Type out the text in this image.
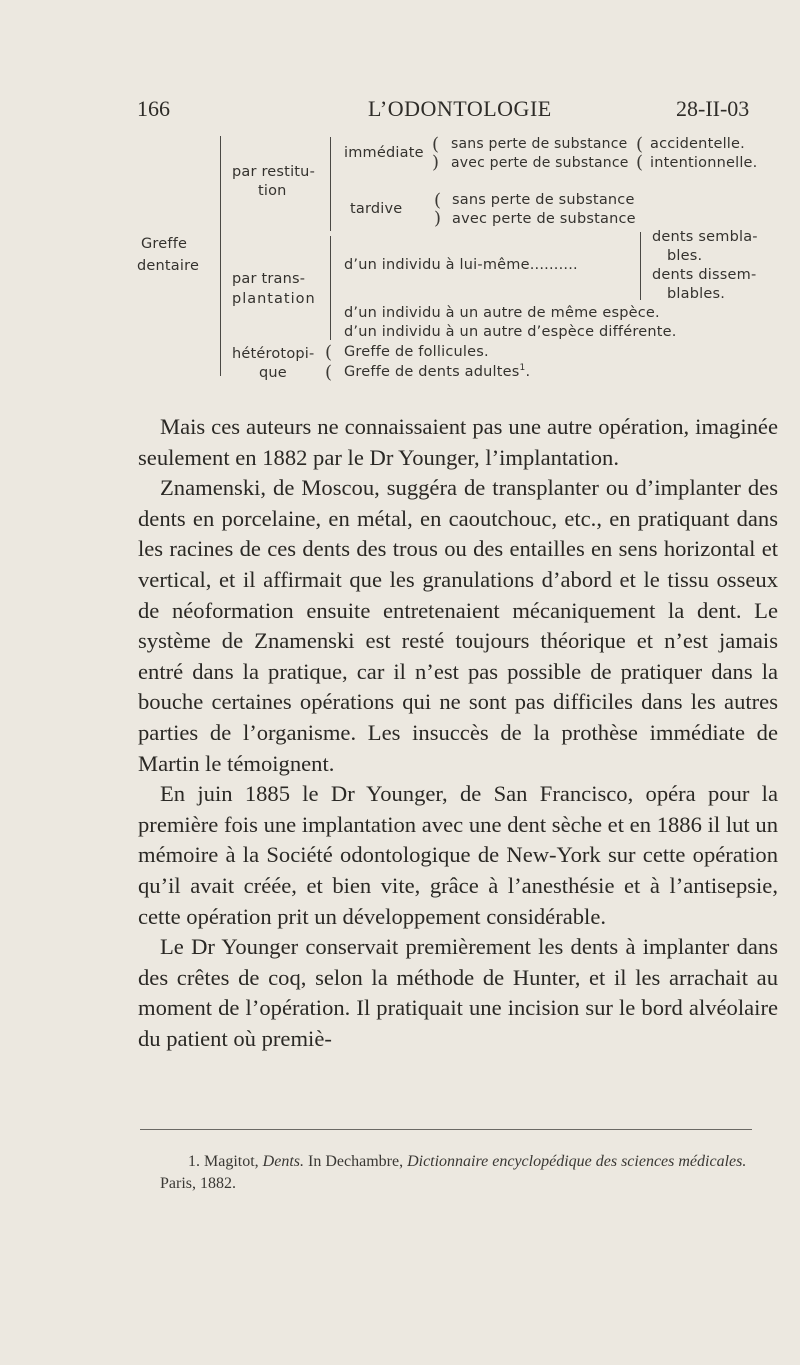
166	L’ODONTOLOGIE	28-II-03
Greffe
dentaire
par restitu-
tion
par trans-
plantation
hétérotopi-
que
(
(
immédiate (
)
sans perte de substance
avec perte de substance
(
(
accidentelle.
intentionnelle.
tardive (
)
sans perte de substance
avec perte de substance
d’un individu à lui-même..........
dents sembla-
bles.
dents dissem-
blables.
d’un individu à un autre de même espèce.
d’un individu à un autre d’espèce différente.
Greffe de follicules.
Greffe de dents adultes$^1$.

Mais ces auteurs ne connaissaient pas une autre opération, imaginée seulement en 1882 par le Dr Younger, l’implantation.

Znamenski, de Moscou, suggéra de transplanter ou d’implanter des dents en porcelaine, en métal, en caoutchouc, etc., en pratiquant dans les racines de ces dents des trous ou des entailles en sens horizontal et vertical, et il affirmait que les granulations d’abord et le tissu osseux de néoformation ensuite entretenaient mécaniquement la dent. Le système de Znamenski est resté toujours théorique et n’est jamais entré dans la pratique, car il n’est pas possible de pratiquer dans la bouche certaines opérations qui ne sont pas difficiles dans les autres parties de l’organisme. Les insuccès de la prothèse immédiate de Martin le témoignent.

En juin 1885 le Dr Younger, de San Francisco, opéra pour la première fois une implantation avec une dent sèche et en 1886 il lut un mémoire à la Société odontologique de New-York sur cette opération qu’il avait créée, et bien vite, grâce à l’anesthésie et à l’antisepsie, cette opération prit un développement considérable.

Le Dr Younger conservait premièrement les dents à implanter dans des crêtes de coq, selon la méthode de Hunter, et il les arrachait au moment de l’opération. Il pratiquait une incision sur le bord alvéolaire du patient où premiè-

1. Magitot, Dents. In Dechambre, Dictionnaire encyclopédique des sciences médicales. Paris, 1882.
